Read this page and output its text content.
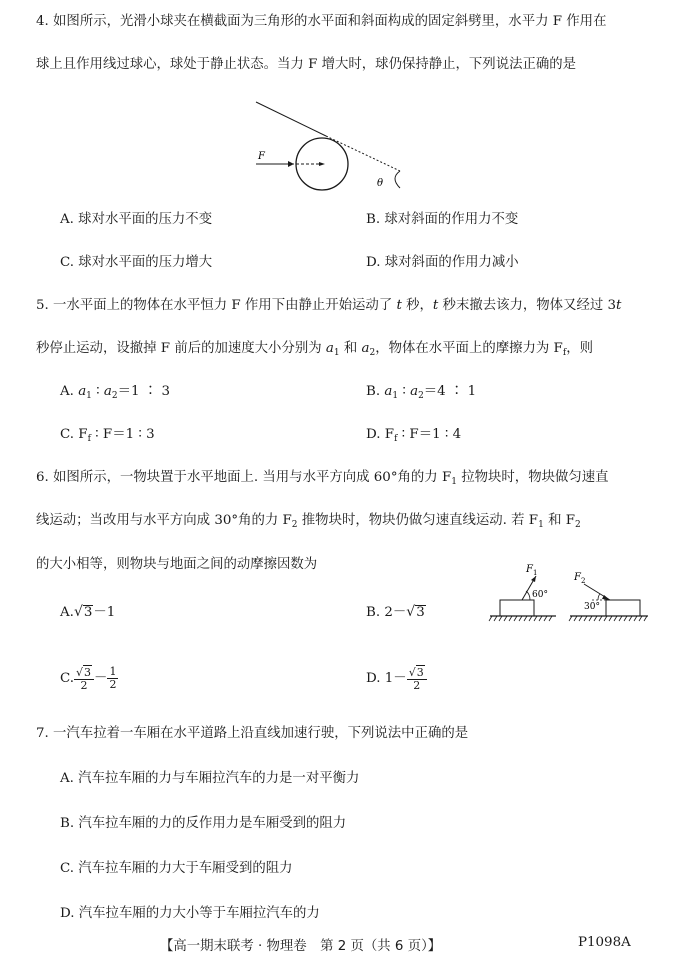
4. 如图所示，光滑小球夹在横截面为三角形的水平面和斜面构成的固定斜劈里，水平力 F 作用在
球上且作用线过球心，球处于静止状态。当力 F 增大时，球仍保持静止，下列说法正确的是
F
θ
A. 球对水平面的压力不变	B. 球对斜面的作用力不变
C. 球对水平面的压力增大	D. 球对斜面的作用力减小
5. 一水平面上的物体在水平恒力 F 作用下由静止开始运动了 t 秒，t 秒末撤去该力，物体又经过 3t
秒停止运动，设撤掉 F 前后的加速度大小分别为 $a_1$ 和 $a_2$，物体在水平面上的摩擦力为 $F_f$，则
A. $a_1$ ∶ $a_2=1$ ∶ 3	B. $a_1$ ∶ $a_2=4$ ∶ 1
C. $F_f$ ∶ F＝1 ∶ 3	D. $F_f$ ∶ F＝1 ∶ 4
6. 如图所示，一物块置于水平地面上. 当用与水平方向成 60°角的力 $F_1$ 拉物块时，物块做匀速直
线运动；当改用与水平方向成 30°角的力 $F_2$ 推物块时，物块仍做匀速直线运动. 若 $F_1$ 和 $F_2$
的大小相等，则物块与地面之间的动摩擦因数为
A.√3－1	B. 2－√3
C. $\frac{√3}{2} - \frac{1}{2}$	D. $1- \frac{√3}{2}$
$F_1$
60°
$F_2$
30°
7. 一汽车拉着一车厢在水平道路上沿直线加速行驶，下列说法中正确的是
A. 汽车拉车厢的力与车厢拉汽车的力是一对平衡力
B. 汽车拉车厢的力的反作用力是车厢受到的阻力
C. 汽车拉车厢的力大于车厢受到的阻力
D. 汽车拉车厢的力大小等于车厢拉汽车的力
【高一期末联考 · 物理卷　第 2 页（共 6 页）】	P1098A
